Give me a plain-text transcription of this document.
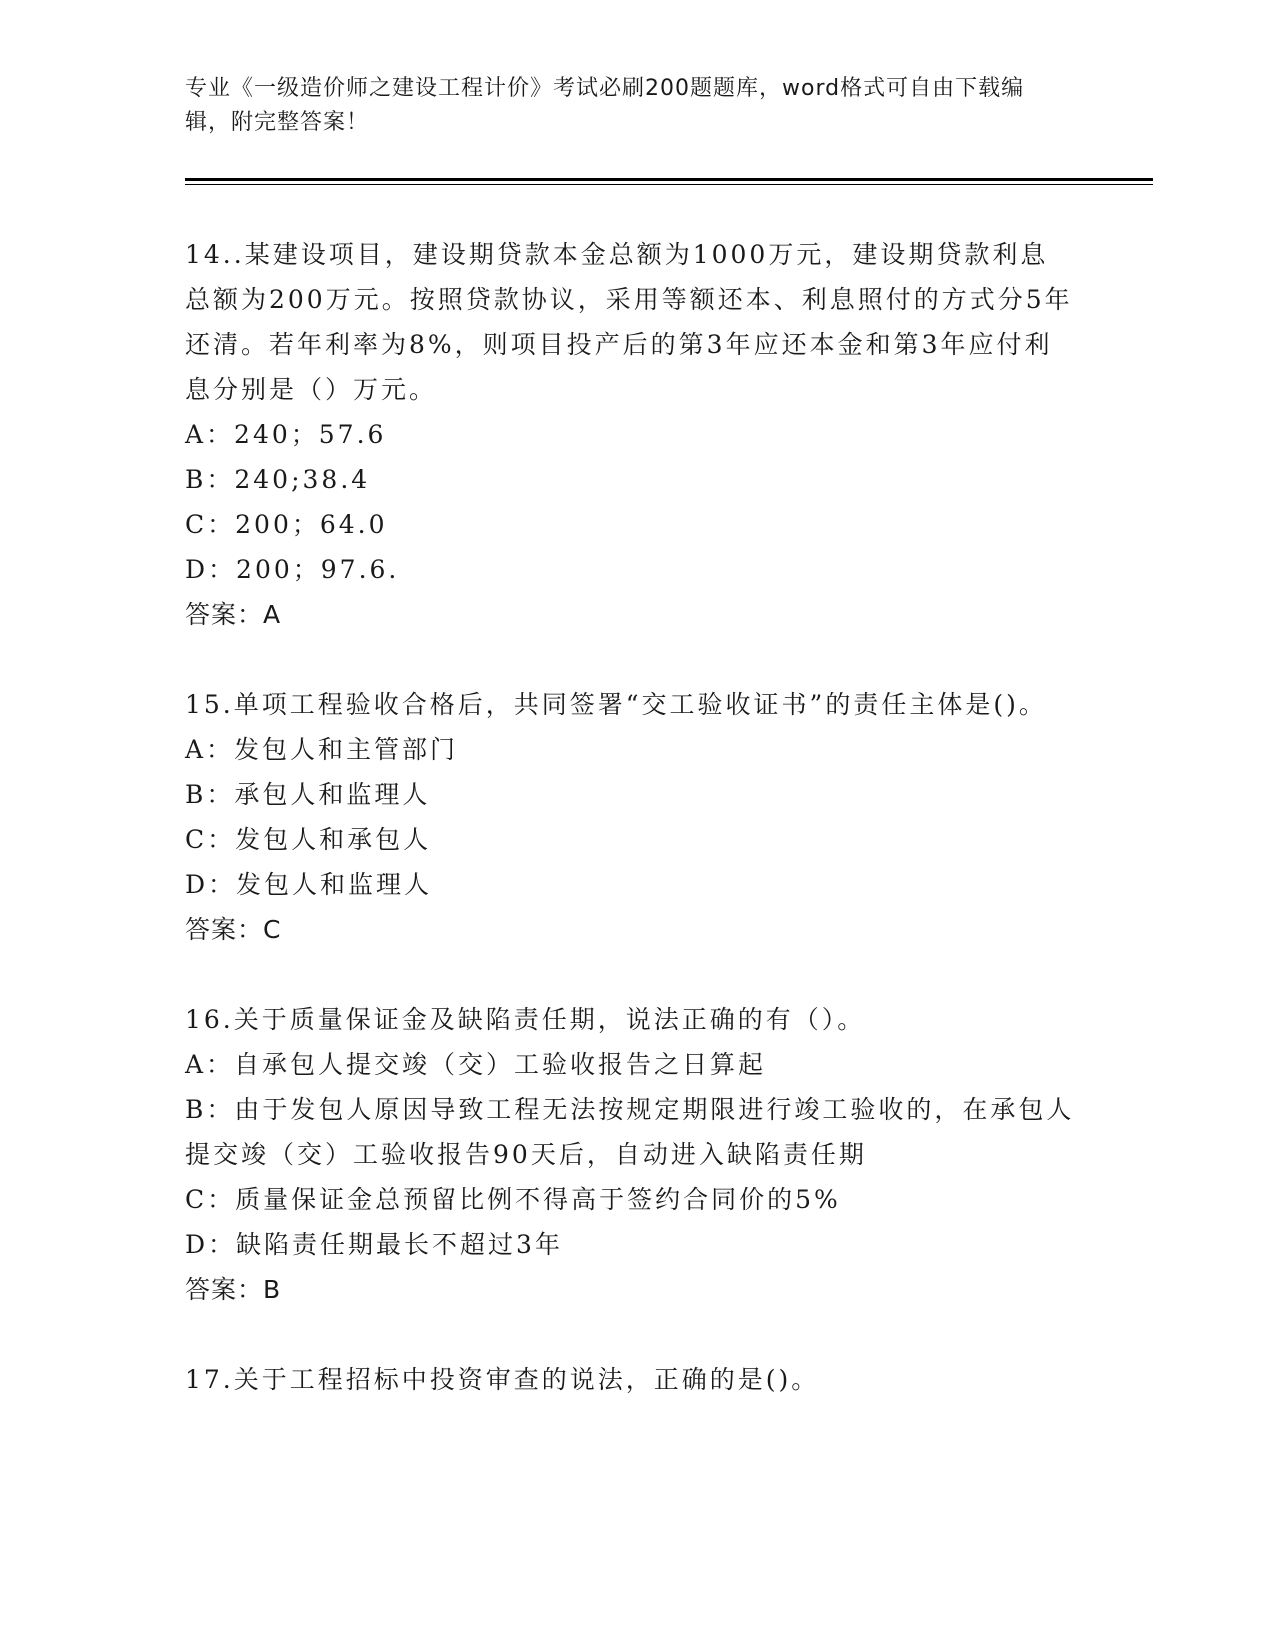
专业《一级造价师之建设工程计价》考试必刷200题题库，word格式可自由下载编辑，附完整答案！
14..某建设项目，建设期贷款本金总额为1000万元，建设期贷款利息总额为200万元。按照贷款协议，采用等额还本、利息照付的方式分5年还清。若年利率为8%，则项目投产后的第3年应还本金和第3年应付利息分别是（）万元。
A：240；57.6
B：240;38.4
C：200；64.0
D：200；97.6.
答案：A
15.单项工程验收合格后，共同签署“交工验收证书”的责任主体是()。
A：发包人和主管部门
B：承包人和监理人
C：发包人和承包人
D：发包人和监理人
答案：C
16.关于质量保证金及缺陷责任期，说法正确的有（）。
A：自承包人提交竣（交）工验收报告之日算起
B：由于发包人原因导致工程无法按规定期限进行竣工验收的，在承包人提交竣（交）工验收报告90天后，自动进入缺陷责任期
C：质量保证金总预留比例不得高于签约合同价的5%
D：缺陷责任期最长不超过3年
答案：B
17.关于工程招标中投资审查的说法，正确的是()。
